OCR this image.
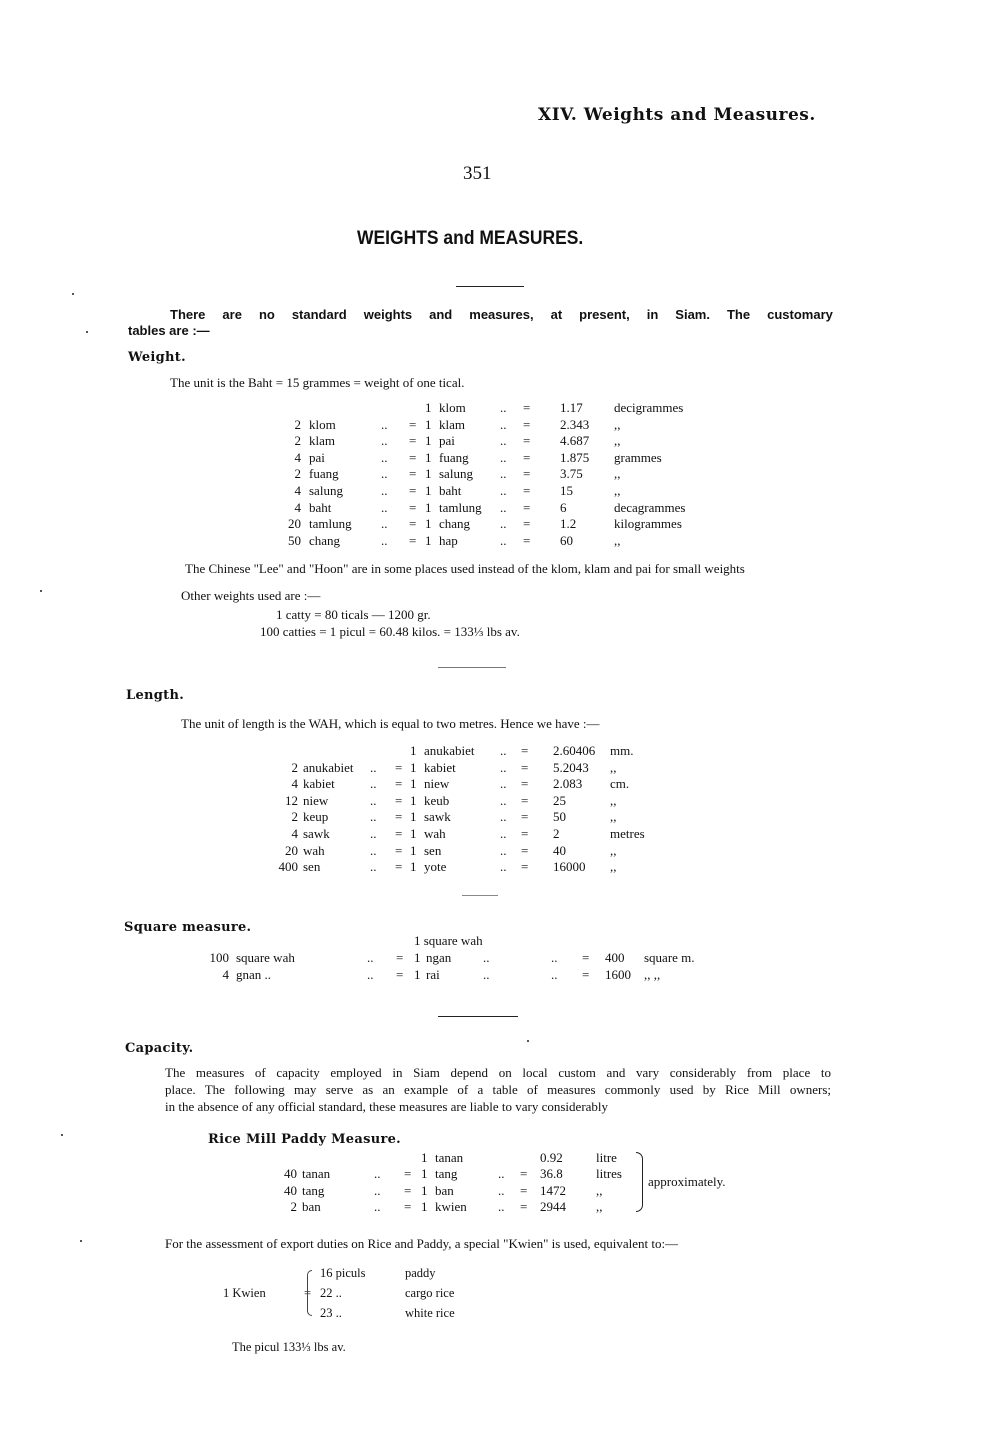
XIV. Weights and Measures.
351
WEIGHTS and MEASURES.
There are no standard weights and measures, at present, in Siam. The customary
tables are :—
Weight.
The unit is the Baht = 15 grammes = weight of one tical.
1 klom	.. = 1.17 decigrammes
2 klom	.. = 1 klam	.. = 2.343 ,,
2 klam	.. = 1 pai	.. = 4.687 ,,
4 pai	.. = 1 fuang .. = 1.875 grammes
2 fuang	.. = 1 salung .. = 3.75 ,,
4 salung	.. = 1 baht	.. = 15	,,
4 baht	.. = 1 tamlung .. = 6	decagrammes
20 tamlung .. = 1 chang .. = 1.2	kilogrammes
50 chang	.. = 1 hap	.. = 60	,,
The Chinese "Lee" and "Hoon" are in some places used instead of the klom, klam and pai for small weights
Other weights used are :—
1 catty = 80 ticals — 1200 gr.
100 catties = 1 picul = 60.48 kilos. = 133⅓ lbs av.
Length.
The unit of length is the WAH, which is equal to two metres. Hence we have :—
1 anukabiet .. = 2.60406 mm.
2 anukabiet .. = 1 kabiet	.. = 5.2043 ,,
4 kabiet	.. = 1 niew	.. = 2.083 cm.
12 niew	.. = 1 keub	.. = 25	,,
2 keup	.. = 1 sawk	.. = 50	,,
4 sawk	.. = 1 wah	.. = 2	metres
20 wah	.. = 1 sen	.. = 40	,,
400 sen	.. = 1 yote	.. = 16000 ,,
Square measure.
1 square wah
100 square wah	.. = 1 ngan ..	.. = 400 square m.
4 gnan ..	.. = 1 rai	..	.. = 1600 ,, ,,
Capacity.
The measures of capacity employed in Siam depend on local custom and vary considerably from place to
place. The following may serve as an example of a table of measures commonly used by Rice Mill owners;
in the absence of any official standard, these measures are liable to vary considerably
Rice Mill Paddy Measure.
1 tanan	0.92	litre
40 tanan	.. = 1 tang	.. = 36.8	litres
40 tang	.. = 1 ban	.. = 1472 ,,
2 ban	.. = 1 kwien .. = 2944 ,,
approximately.
For the assessment of export duties on Rice and Paddy, a special "Kwien" is used, equivalent to:—
1 Kwien	=
16 piculs	paddy
22 ..	cargo rice
23 ..	white rice
The picul 133⅓ lbs av.
